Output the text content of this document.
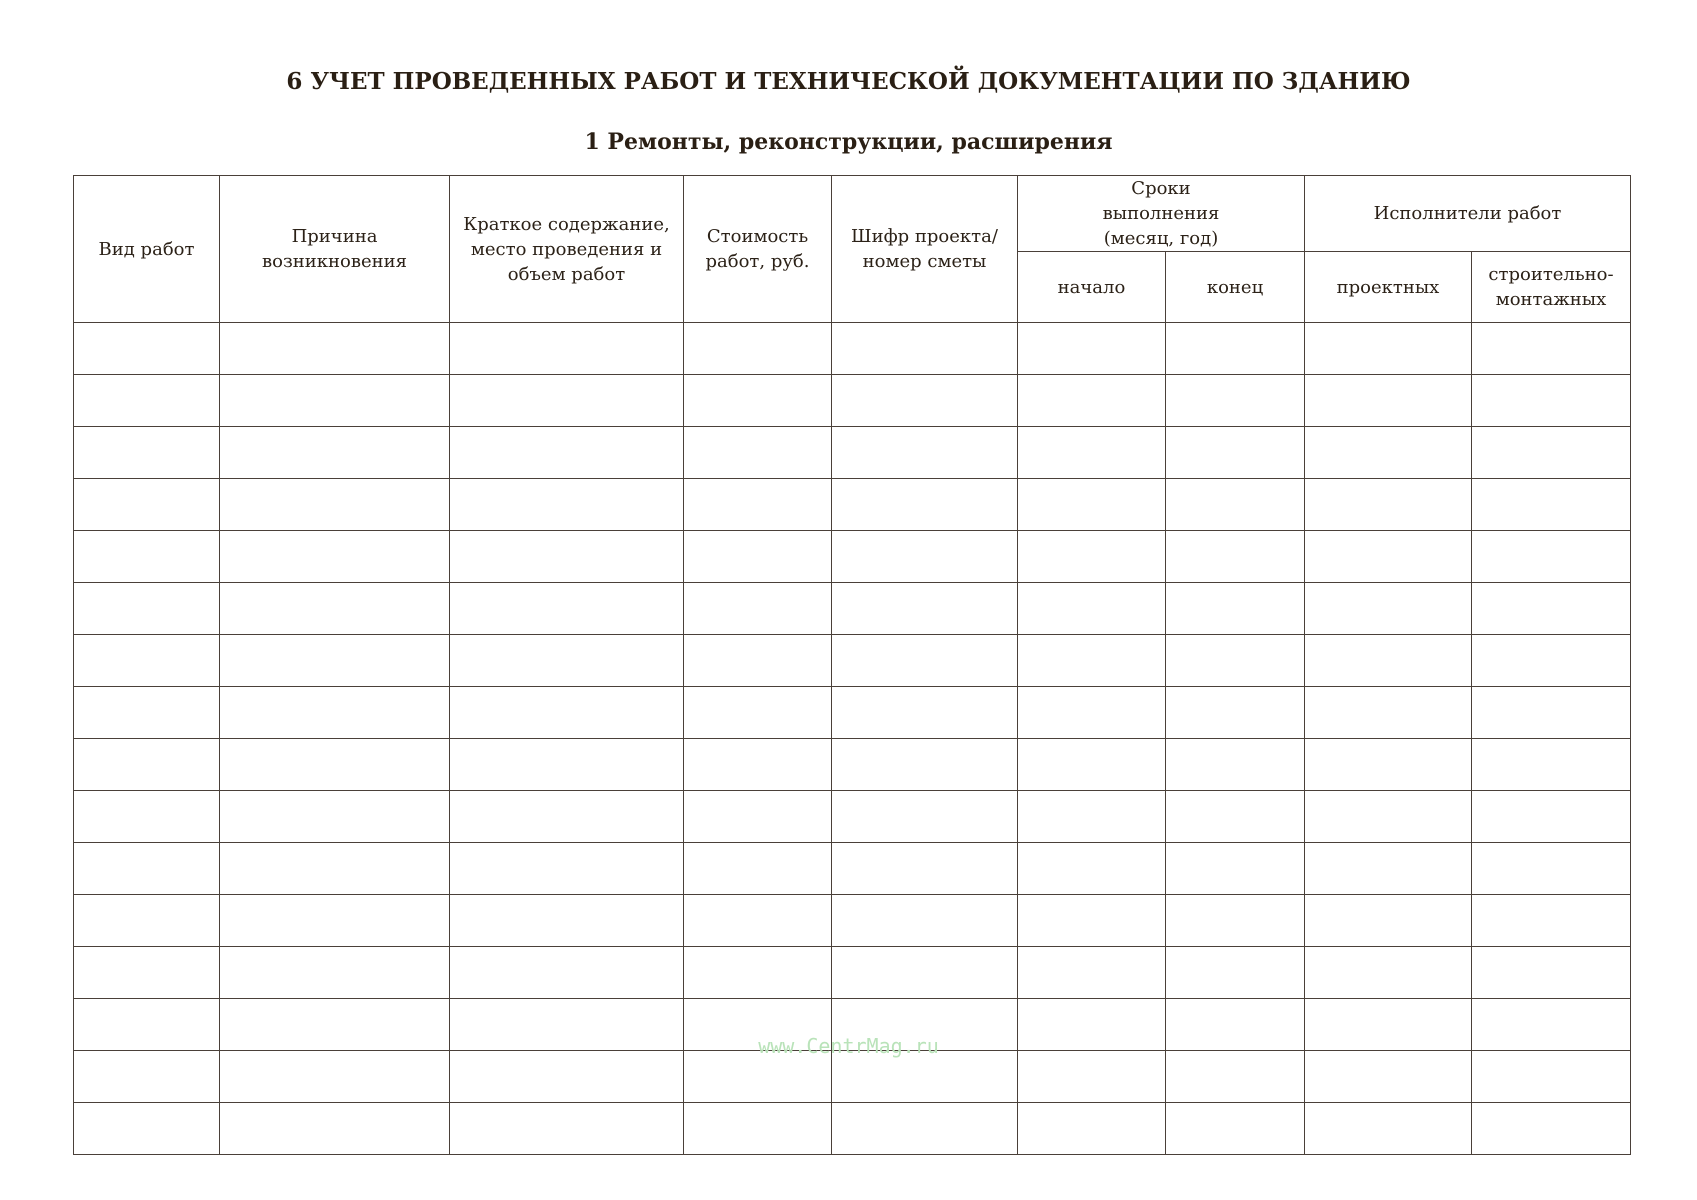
6 УЧЕТ ПРОВЕДЕННЫХ РАБОТ И ТЕХНИЧЕСКОЙ ДОКУМЕНТАЦИИ ПО ЗДАНИЮ
1 Ремонты, реконструкции, расширения
Вид работ	Причина возникновения	Краткое содержание, место проведения и объем работ	Стоимость работ, руб.	Шифр проекта/ номер сметы	Сроки выполнения (месяц, год)		Исполнители работ	
					начало	конец	проектных	строительно-монтажных

www.CentrMag.ru
